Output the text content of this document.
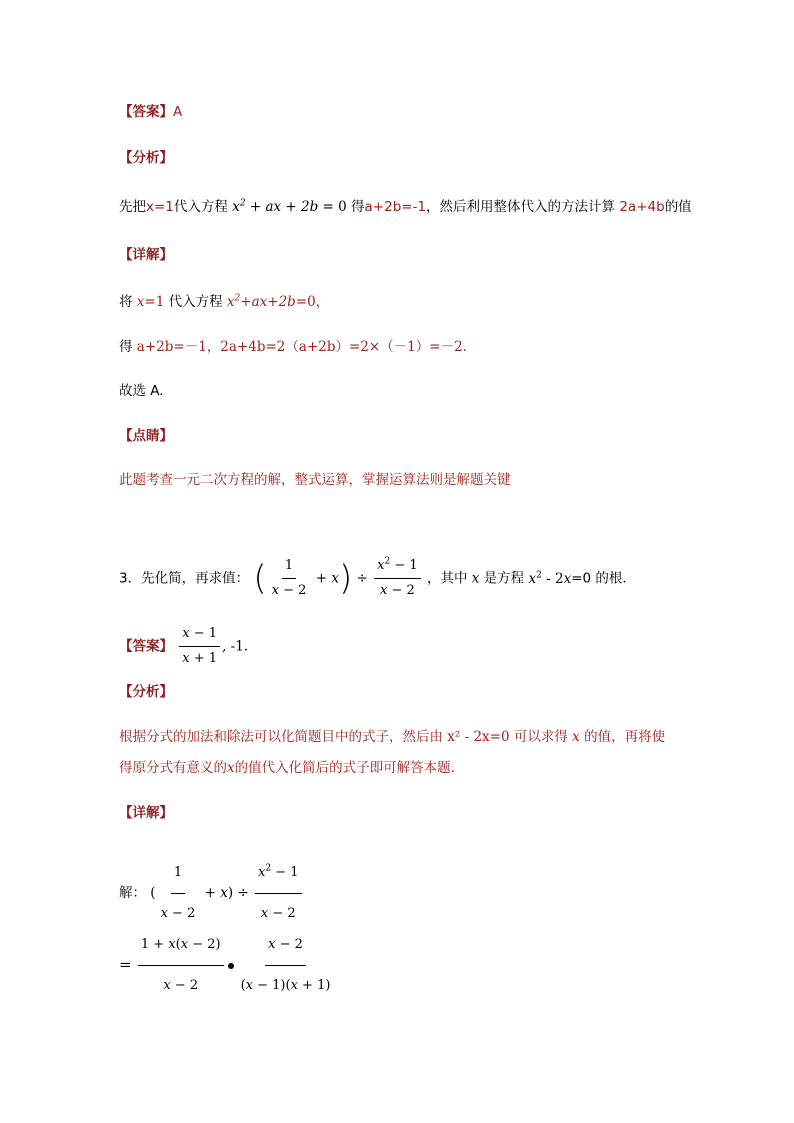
【答案】A
【分析】
先把x=1代入方程 $x^2$ + ax + 2b = 0 得a+2b=-1，然后利用整体代入的方法计算 2a+4b的值
【详解】
将 x=1 代入方程 $x^2+ax+2b=0$，
得 a+2b=－1，2a+4b=2（a+2b）=2×（－1）=－2.
故选 A.
【点睛】
此题考查一元二次方程的解，整式运算，掌握运算法则是解题关键
3．先化简，再求值： ( $\frac{1}{x - 2} + x) \div \frac{x^2 - 1}{x - 2}$ ，其中 x 是方程 $x^2 - 2x=0$ 的根．
【答案】 $\frac{x - 1}{x + 1}$ , -1.
【分析】
根据分式的加法和除法可以化简题目中的式子，然后由 x² - 2x=0 可以求得 x 的值，再将使
得原分式有意义的x的值代入化简后的式子即可解答本题．
【详解】
解： ( $\frac{1}{x - 2} + x) \div \frac{x^2 - 1}{x - 2}$
= $\frac{1 + x(x - 2)}{x - 2} \frac{x - 2}{(x - 1)(x + 1)}$
